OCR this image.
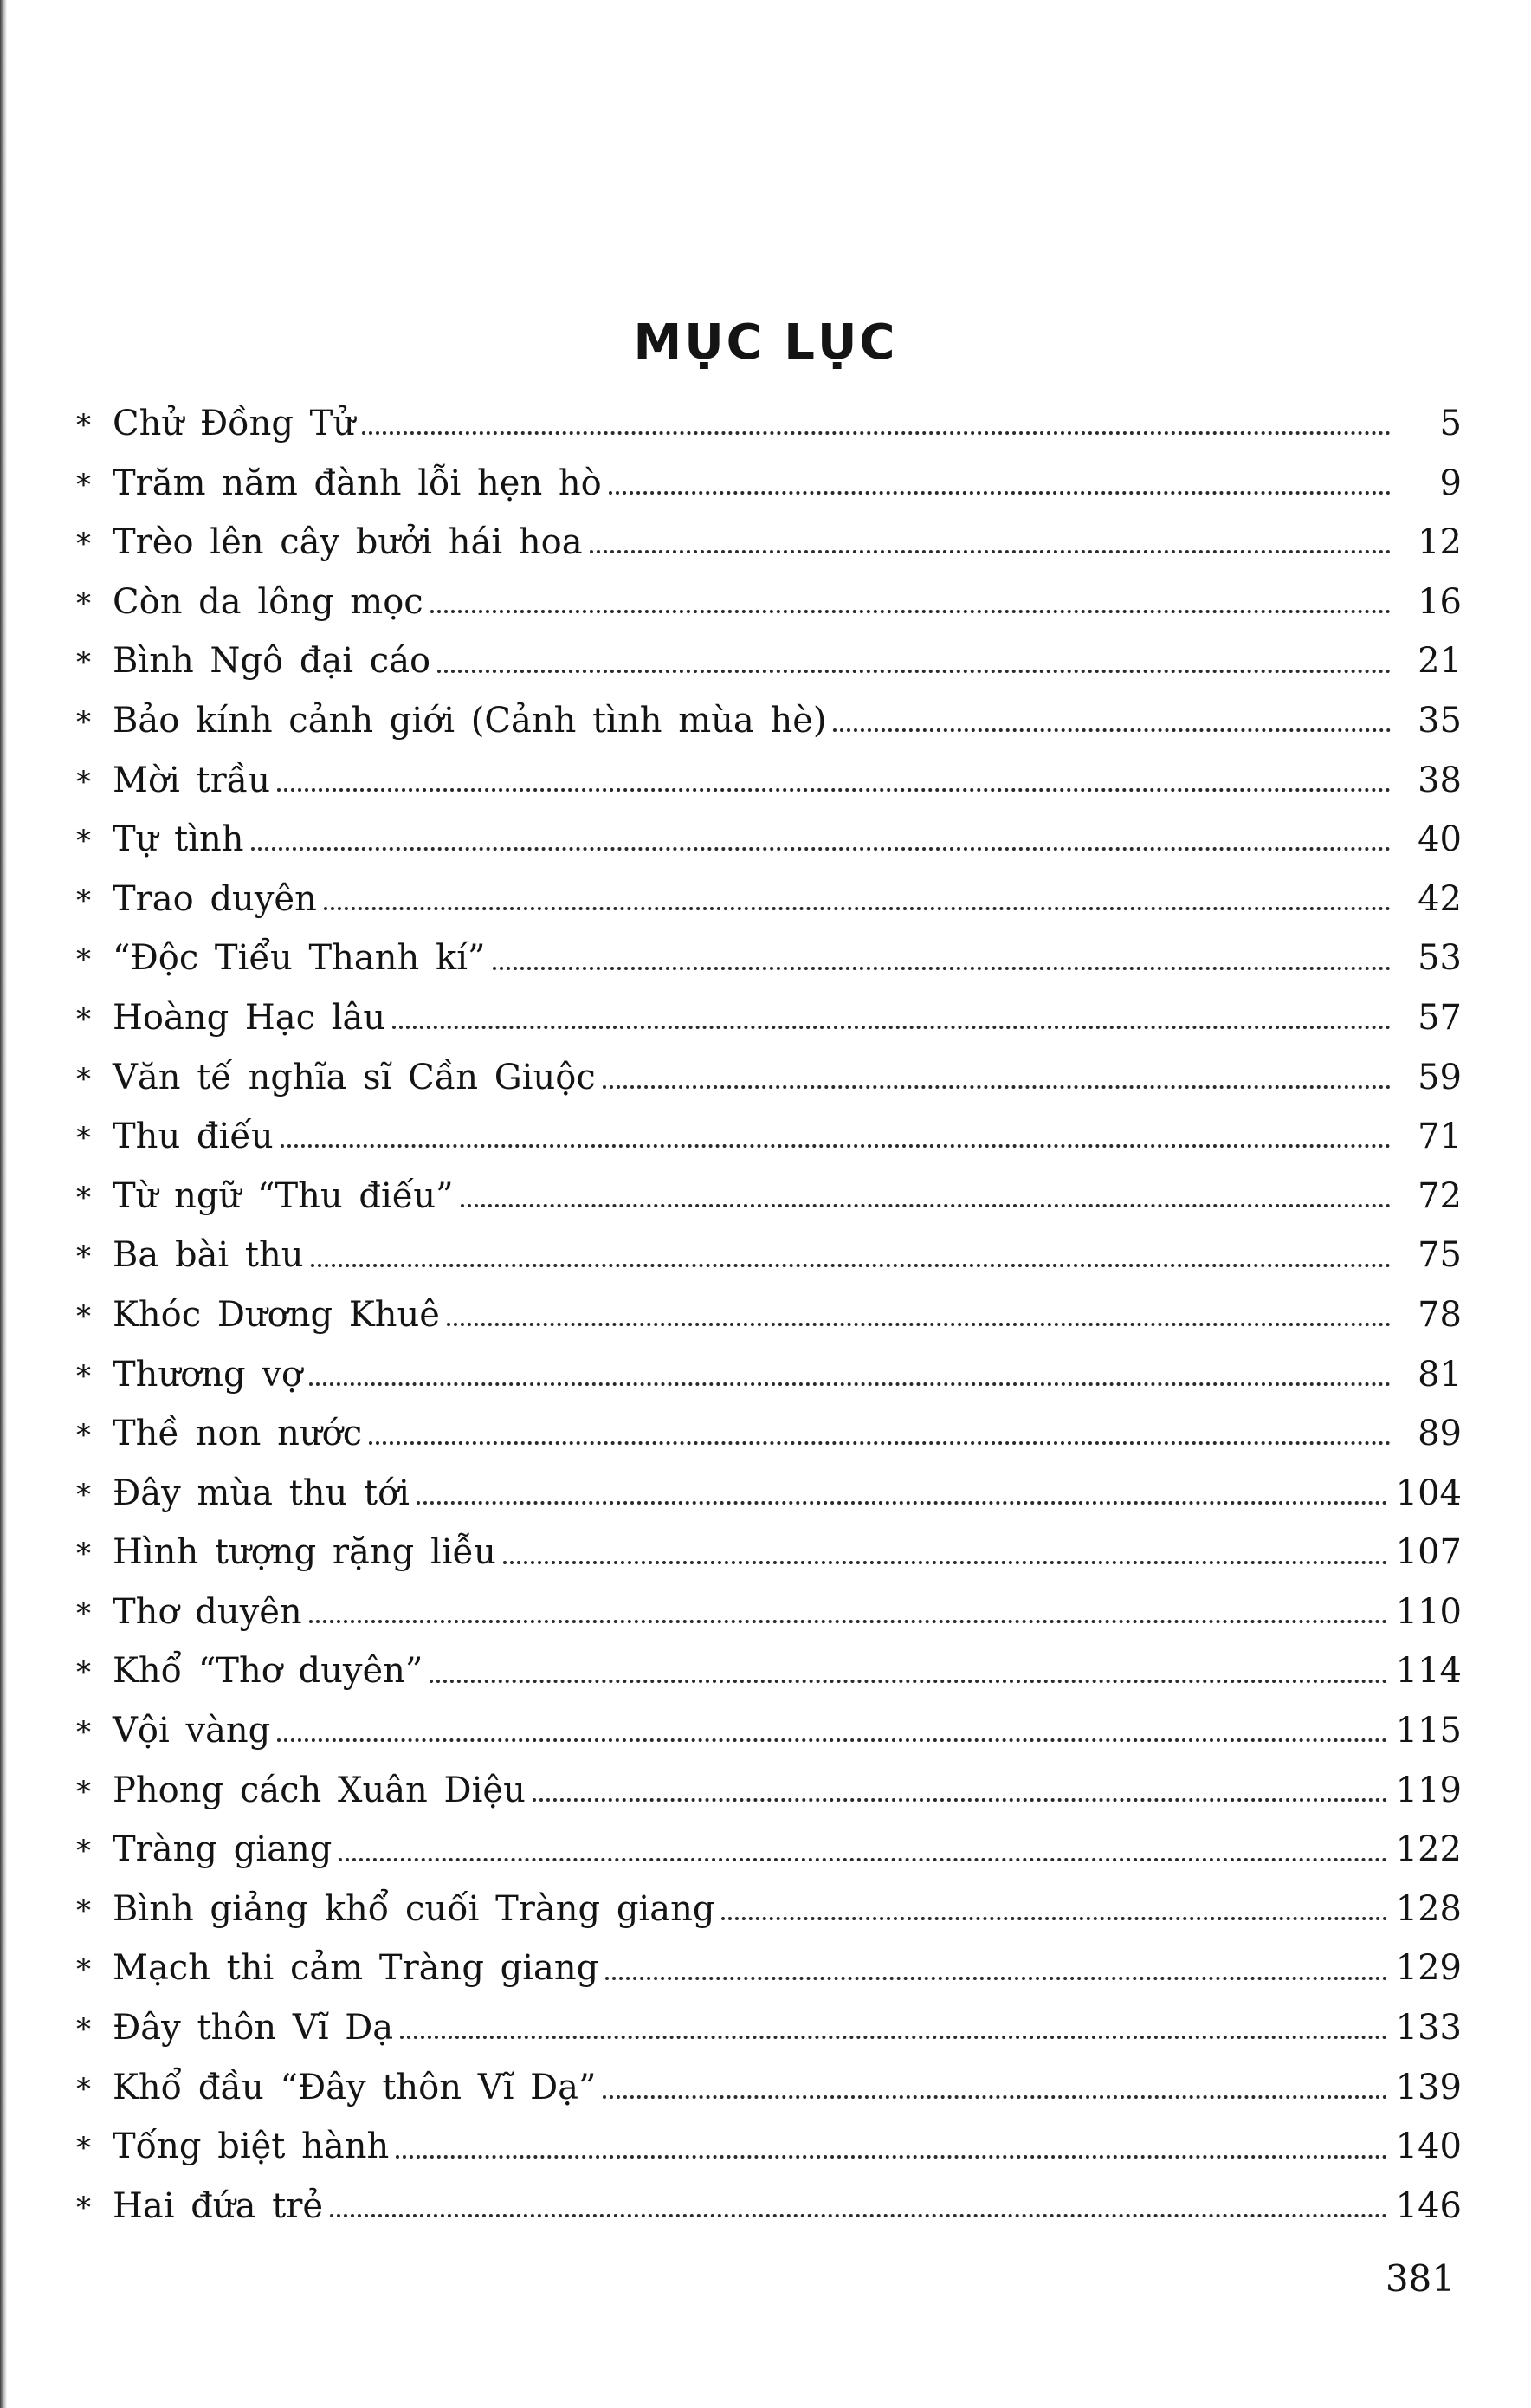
MỤC LỤC
* Chử Đồng Tử	5
* Trăm năm đành lỗi hẹn hò	9
* Trèo lên cây bưởi hái hoa	12
* Còn da lông mọc	16
* Bình Ngô đại cáo	21
* Bảo kính cảnh giới (Cảnh tình mùa hè)	35
* Mời trầu	38
* Tự tình	40
* Trao duyên	42
* “Độc Tiểu Thanh kí”	53
* Hoàng Hạc lâu	57
* Văn tế nghĩa sĩ Cần Giuộc	59
* Thu điếu	71
* Từ ngữ “Thu điếu”	72
* Ba bài thu	75
* Khóc Dương Khuê	78
* Thương vợ	81
* Thề non nước	89
* Đây mùa thu tới	104
* Hình tượng rặng liễu	107
* Thơ duyên	110
* Khổ “Thơ duyên”	114
* Vội vàng	115
* Phong cách Xuân Diệu	119
* Tràng giang	122
* Bình giảng khổ cuối Tràng giang	128
* Mạch thi cảm Tràng giang	129
* Đây thôn Vĩ Dạ	133
* Khổ đầu “Đây thôn Vĩ Dạ”	139
* Tống biệt hành	140
* Hai đứa trẻ	146
381
